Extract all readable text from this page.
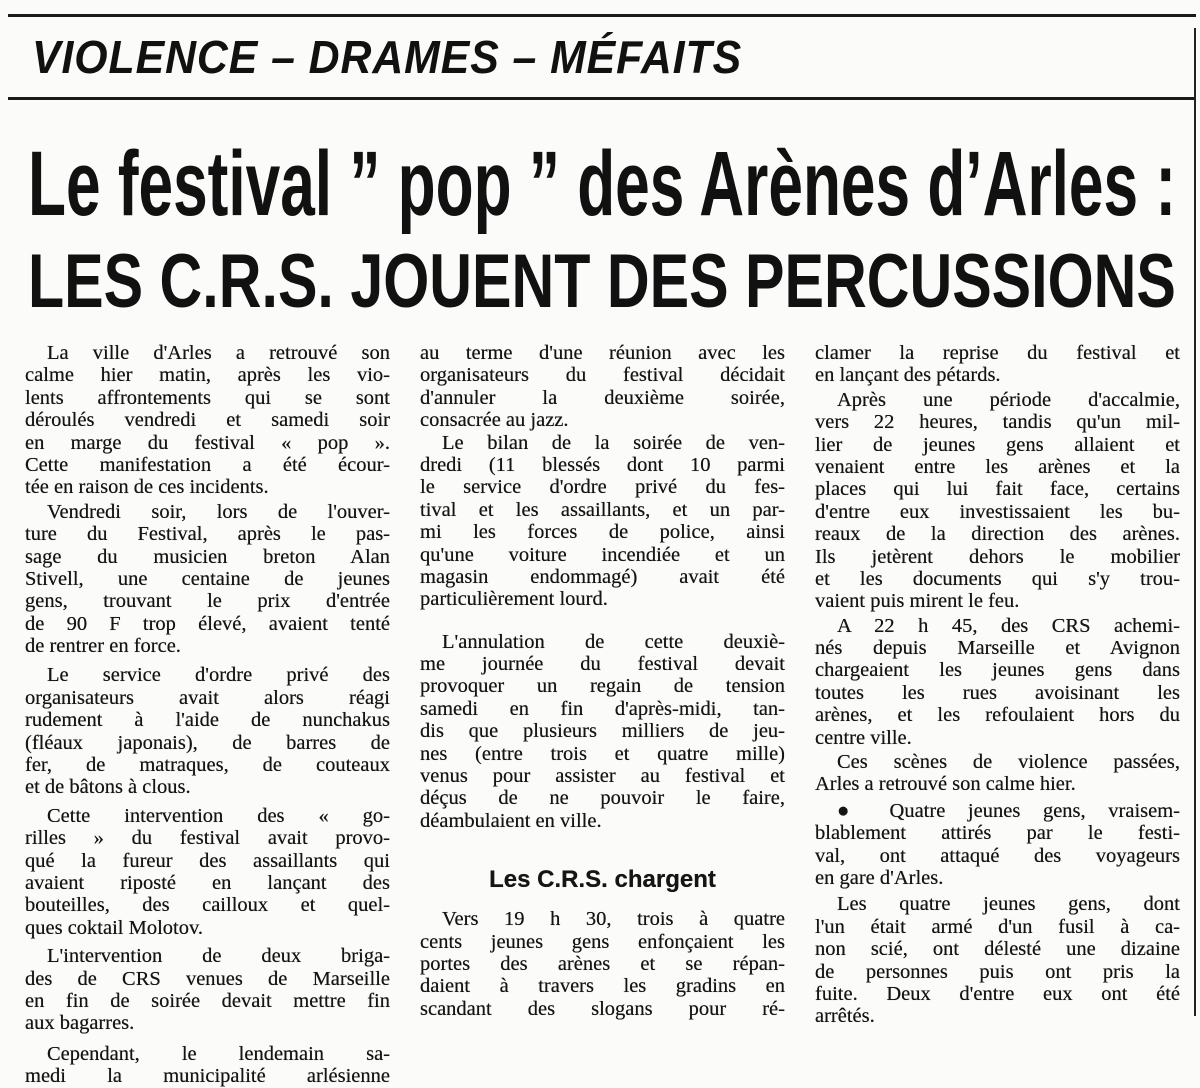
VIOLENCE – DRAMES – MÉFAITS
Le festival ” pop ” des Arènes d’Arles :
LES C.R.S. JOUENT DES PERCUSSIONS
La ville d'Arles a retrouvé son
calme hier matin, après les vio-
lents affrontements qui se sont
déroulés vendredi et samedi soir
en marge du festival « pop ».
Cette manifestation a été écour-
tée en raison de ces incidents.
Vendredi soir, lors de l'ouver-
ture du Festival, après le pas-
sage du musicien breton Alan
Stivell, une centaine de jeunes
gens, trouvant le prix d'entrée
de 90 F trop élevé, avaient tenté
de rentrer en force.
Le service d'ordre privé des
organisateurs avait alors réagi
rudement à l'aide de nunchakus
(fléaux japonais), de barres de
fer, de matraques, de couteaux
et de bâtons à clous.
Cette intervention des « go-
rilles » du festival avait provo-
qué la fureur des assaillants qui
avaient riposté en lançant des
bouteilles, des cailloux et quel-
ques coktail Molotov.
L'intervention de deux briga-
des de CRS venues de Marseille
en fin de soirée devait mettre fin
aux bagarres.
Cependant, le lendemain sa-
medi la municipalité arlésienne
au terme d'une réunion avec les
organisateurs du festival décidait
d'annuler la deuxième soirée,
consacrée au jazz.
Le bilan de la soirée de ven-
dredi (11 blessés dont 10 parmi
le service d'ordre privé du fes-
tival et les assaillants, et un par-
mi les forces de police, ainsi
qu'une voiture incendiée et un
magasin endommagé) avait été
particulièrement lourd.
L'annulation de cette deuxiè-
me journée du festival devait
provoquer un regain de tension
samedi en fin d'après-midi, tan-
dis que plusieurs milliers de jeu-
nes (entre trois et quatre mille)
venus pour assister au festival et
déçus de ne pouvoir le faire,
déambulaient en ville.
Les C.R.S. chargent
Vers 19 h 30, trois à quatre
cents jeunes gens enfonçaient les
portes des arènes et se répan-
daient à travers les gradins en
scandant des slogans pour ré-
clamer la reprise du festival et
en lançant des pétards.
Après une période d'accalmie,
vers 22 heures, tandis qu'un mil-
lier de jeunes gens allaient et
venaient entre les arènes et la
places qui lui fait face, certains
d'entre eux investissaient les bu-
reaux de la direction des arènes.
Ils jetèrent dehors le mobilier
et les documents qui s'y trou-
vaient puis mirent le feu.
A 22 h 45, des CRS achemi-
nés depuis Marseille et Avignon
chargeaient les jeunes gens dans
toutes les rues avoisinant les
arènes, et les refoulaient hors du
centre ville.
Ces scènes de violence passées,
Arles a retrouvé son calme hier.
● Quatre jeunes gens, vraisem-
blablement attirés par le festi-
val, ont attaqué des voyageurs
en gare d'Arles.
Les quatre jeunes gens, dont
l'un était armé d'un fusil à ca-
non scié, ont délesté une dizaine
de personnes puis ont pris la
fuite. Deux d'entre eux ont été
arrêtés.
